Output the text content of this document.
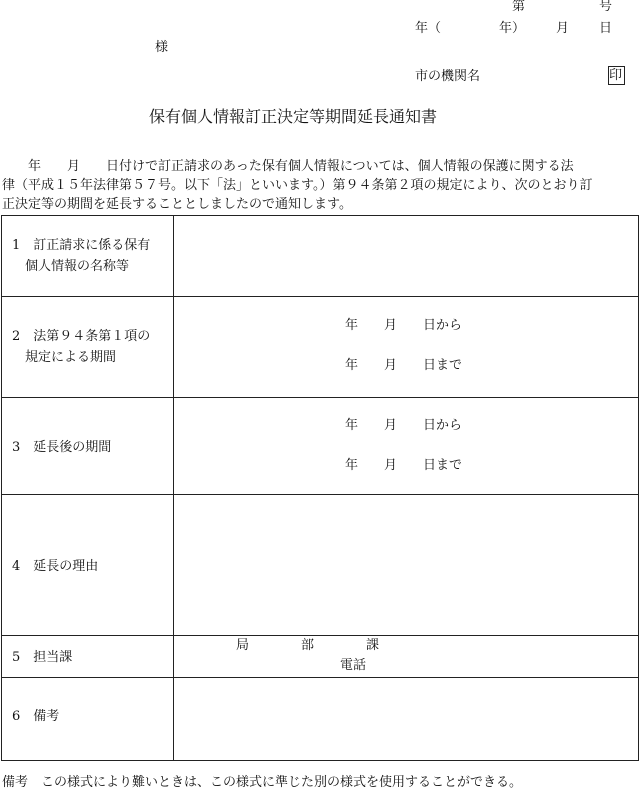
第	号
年（	年） 月 日
様
市の機関名	印
保有個人情報訂正決定等期間延長通知書

　　年　　月　　日付けで訂正請求のあった保有個人情報については、個人情報の保護に関する法

律（平成１５年法律第５７号。以下「法」といいます。）第９４条第２項の規定により、次のとおり訂

正決定等の期間を延長することとしましたので通知します。

1　訂正請求に係る保有
　個人情報の名称等
2　法第９４条第１項の
　規定による期間
年　　月　　日から
年　　月　　日まで
3　延長後の期間
年　　月　　日から
年　　月　　日まで
4　延長の理由
5　担当課
局　　　　部　　　　課
電話
6　備考
備考　この様式により難いときは、この様式に準じた別の様式を使用することができる。
